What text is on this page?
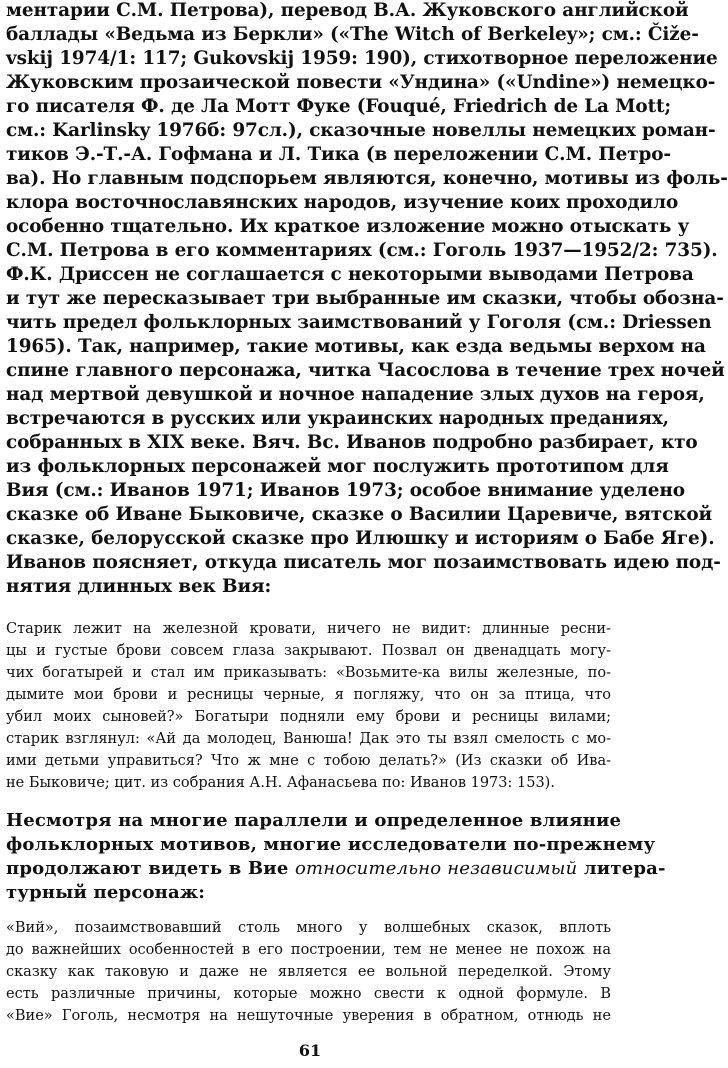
ментарии С.М. Петрова), перевод В.А. Жуковского английской
баллады «Ведьма из Беркли» («The Witch of Berkeley»; см.: Čiže-
vskij 1974/1: 117; Gukovskij 1959: 190), стихотворное переложение
Жуковским прозаической повести «Ундина» («Undine») немецко-
го писателя Ф. де Ла Мотт Фуке (Fouqué, Friedrich de La Mott;
см.: Karlinsky 1976б: 97сл.), сказочные новеллы немецких роман-
тиков Э.-Т.-А. Гофмана и Л. Тика (в переложении С.М. Петро-
ва). Но главным подспорьем являются, конечно, мотивы из фоль-
клора восточнославянских народов, изучение коих проходило
особенно тщательно. Их краткое изложение можно отыскать у
С.М. Петрова в его комментариях (см.: Гоголь 1937—1952/2: 735).
Ф.К. Дриссен не соглашается с некоторыми выводами Петрова
и тут же пересказывает три выбранные им сказки, чтобы обозна-
чить предел фольклорных заимствований у Гоголя (см.: Driessen
1965). Так, например, такие мотивы, как езда ведьмы верхом на
спине главного персонажа, читка Часослова в течение трех ночей
над мертвой девушкой и ночное нападение злых духов на героя,
встречаются в русских или украинских народных преданиях,
собранных в XIX веке. Вяч. Вс. Иванов подробно разбирает, кто
из фольклорных персонажей мог послужить прототипом для
Вия (см.: Иванов 1971; Иванов 1973; особое внимание уделено
сказке об Иване Быковиче, сказке о Василии Царевиче, вятской
сказке, белорусской сказке про Илюшку и историям о Бабе Яге).
Иванов поясняет, откуда писатель мог позаимствовать идею под-
нятия длинных век Вия:
Старик лежит на железной кровати, ничего не видит: длинные ресни-
цы и густые брови совсем глаза закрывают. Позвал он двенадцать могу-
чих богатырей и стал им приказывать: «Возьмите-ка вилы железные, по-
дымите мои брови и ресницы черные, я погляжу, что он за птица, что
убил моих сыновей?» Богатыри подняли ему брови и ресницы вилами;
старик взглянул: «Ай да молодец, Ванюша! Дак это ты взял смелость с мо-
ими детьми управиться? Что ж мне с тобою делать?» (Из сказки об Ива-
не Быковиче; цит. из собрания А.Н. Афанасьева по: Иванов 1973: 153).
Несмотря на многие параллели и определенное влияние
фольклорных мотивов, многие исследователи по-прежнему
продолжают видеть в Вие относительно независимый литера-
турный персонаж:
«Вий», позаимствовавший столь много у волшебных сказок, вплоть
до важнейших особенностей в его построении, тем не менее не похож на
сказку как таковую и даже не является ее вольной переделкой. Этому
есть различные причины, которые можно свести к одной формуле. В
«Вие» Гоголь, несмотря на нешуточные уверения в обратном, отнюдь не
61
